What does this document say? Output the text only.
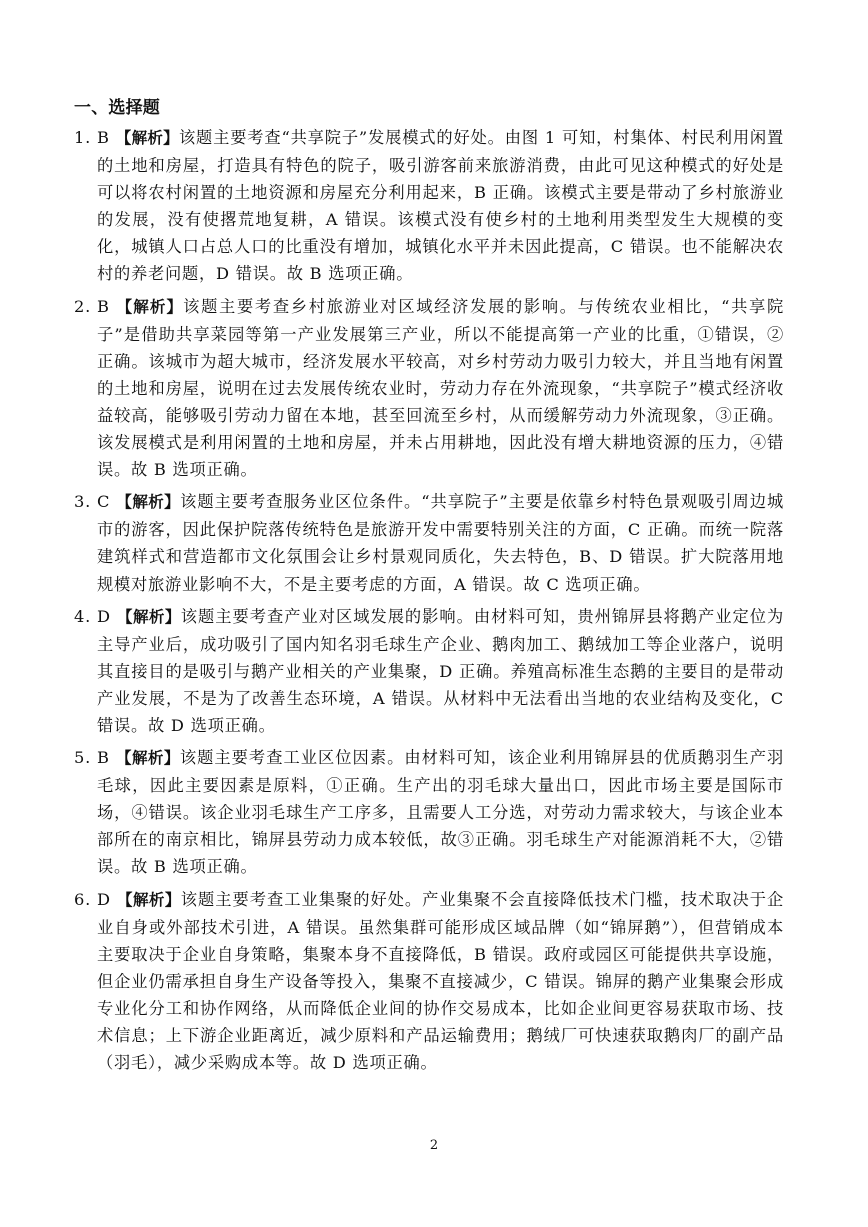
一、选择题
1. B 【解析】该题主要考查“共享院子”发展模式的好处。由图 1 可知，村集体、村民利用闲置的土地和房屋，打造具有特色的院子，吸引游客前来旅游消费，由此可见这种模式的好处是可以将农村闲置的土地资源和房屋充分利用起来，B 正确。该模式主要是带动了乡村旅游业的发展，没有使撂荒地复耕，A 错误。该模式没有使乡村的土地利用类型发生大规模的变化，城镇人口占总人口的比重没有增加，城镇化水平并未因此提高，C 错误。也不能解决农村的养老问题，D 错误。故 B 选项正确。
2. B 【解析】该题主要考查乡村旅游业对区域经济发展的影响。与传统农业相比，“共享院子”是借助共享菜园等第一产业发展第三产业，所以不能提高第一产业的比重，①错误，②正确。该城市为超大城市，经济发展水平较高，对乡村劳动力吸引力较大，并且当地有闲置的土地和房屋，说明在过去发展传统农业时，劳动力存在外流现象，“共享院子”模式经济收益较高，能够吸引劳动力留在本地，甚至回流至乡村，从而缓解劳动力外流现象，③正确。该发展模式是利用闲置的土地和房屋，并未占用耕地，因此没有增大耕地资源的压力，④错误。故 B 选项正确。
3. C 【解析】该题主要考查服务业区位条件。“共享院子”主要是依靠乡村特色景观吸引周边城市的游客，因此保护院落传统特色是旅游开发中需要特别关注的方面，C 正确。而统一院落建筑样式和营造都市文化氛围会让乡村景观同质化，失去特色，B、D 错误。扩大院落用地规模对旅游业影响不大，不是主要考虑的方面，A 错误。故 C 选项正确。
4. D 【解析】该题主要考查产业对区域发展的影响。由材料可知，贵州锦屏县将鹅产业定位为主导产业后，成功吸引了国内知名羽毛球生产企业、鹅肉加工、鹅绒加工等企业落户，说明其直接目的是吸引与鹅产业相关的产业集聚，D 正确。养殖高标准生态鹅的主要目的是带动产业发展，不是为了改善生态环境，A 错误。从材料中无法看出当地的农业结构及变化，C 错误。故 D 选项正确。
5. B 【解析】该题主要考查工业区位因素。由材料可知，该企业利用锦屏县的优质鹅羽生产羽毛球，因此主要因素是原料，①正确。生产出的羽毛球大量出口，因此市场主要是国际市场，④错误。该企业羽毛球生产工序多，且需要人工分选，对劳动力需求较大，与该企业本部所在的南京相比，锦屏县劳动力成本较低，故③正确。羽毛球生产对能源消耗不大，②错误。故 B 选项正确。
6. D 【解析】该题主要考查工业集聚的好处。产业集聚不会直接降低技术门槛，技术取决于企业自身或外部技术引进，A 错误。虽然集群可能形成区域品牌（如“锦屏鹅”），但营销成本主要取决于企业自身策略，集聚本身不直接降低，B 错误。政府或园区可能提供共享设施，但企业仍需承担自身生产设备等投入，集聚不直接减少，C 错误。锦屏的鹅产业集聚会形成专业化分工和协作网络，从而降低企业间的协作交易成本，比如企业间更容易获取市场、技术信息；上下游企业距离近，减少原料和产品运输费用；鹅绒厂可快速获取鹅肉厂的副产品（羽毛），减少采购成本等。故 D 选项正确。
2
